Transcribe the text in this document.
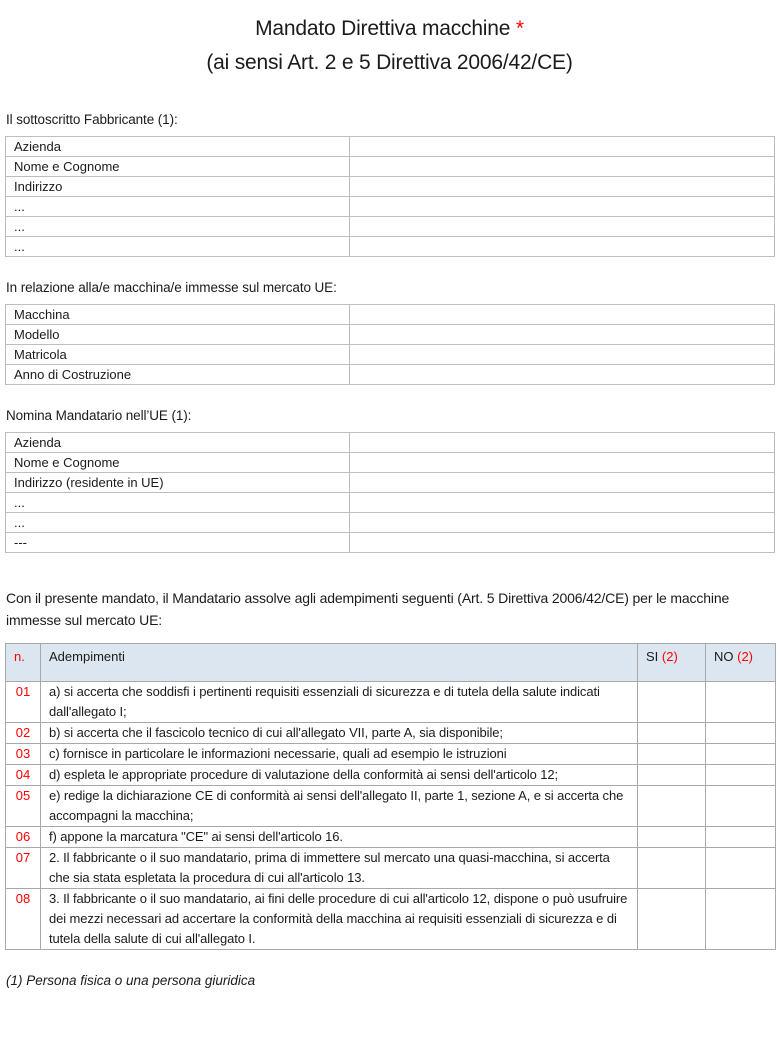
Mandato Direttiva macchine *
(ai sensi Art. 2 e 5 Direttiva 2006/42/CE)
Il sottoscritto Fabbricante (1):
Azienda	
Nome e Cognome	
Indirizzo	
...	
...	
...	
In relazione alla/e macchina/e immesse sul mercato UE:
Macchina	
Modello	
Matricola	
Anno di Costruzione	
Nomina Mandatario nell’UE (1):
Azienda	
Nome e Cognome	
Indirizzo (residente in UE)	
...	
...	
---	
Con il presente mandato, il Mandatario assolve agli adempimenti seguenti (Art. 5 Direttiva 2006/42/CE) per le macchine immesse sul mercato UE:
n.	Adempimenti	SI (2)	NO (2)
01	a) si accerta che soddisfi i pertinenti requisiti essenziali di sicurezza e di tutela della salute indicati dall'allegato I;		
02	b) si accerta che il fascicolo tecnico di cui all'allegato VII, parte A, sia disponibile;		
03	c) fornisce in particolare le informazioni necessarie, quali ad esempio le istruzioni		
04	d) espleta le appropriate procedure di valutazione della conformità ai sensi dell'articolo 12;		
05	e) redige la dichiarazione CE di conformità ai sensi dell'allegato II, parte 1, sezione A, e si accerta che accompagni la macchina;		
06	f) appone la marcatura "CE" ai sensi dell'articolo 16.		
07	2. Il fabbricante o il suo mandatario, prima di immettere sul mercato una quasi-macchina, si accerta che sia stata espletata la procedura di cui all'articolo 13.		
08	3. Il fabbricante o il suo mandatario, ai fini delle procedure di cui all'articolo 12, dispone o può usufruire dei mezzi necessari ad accertare la conformità della macchina ai requisiti essenziali di sicurezza e di tutela della salute di cui all'allegato I.		
(1) Persona fisica o una persona giuridica
